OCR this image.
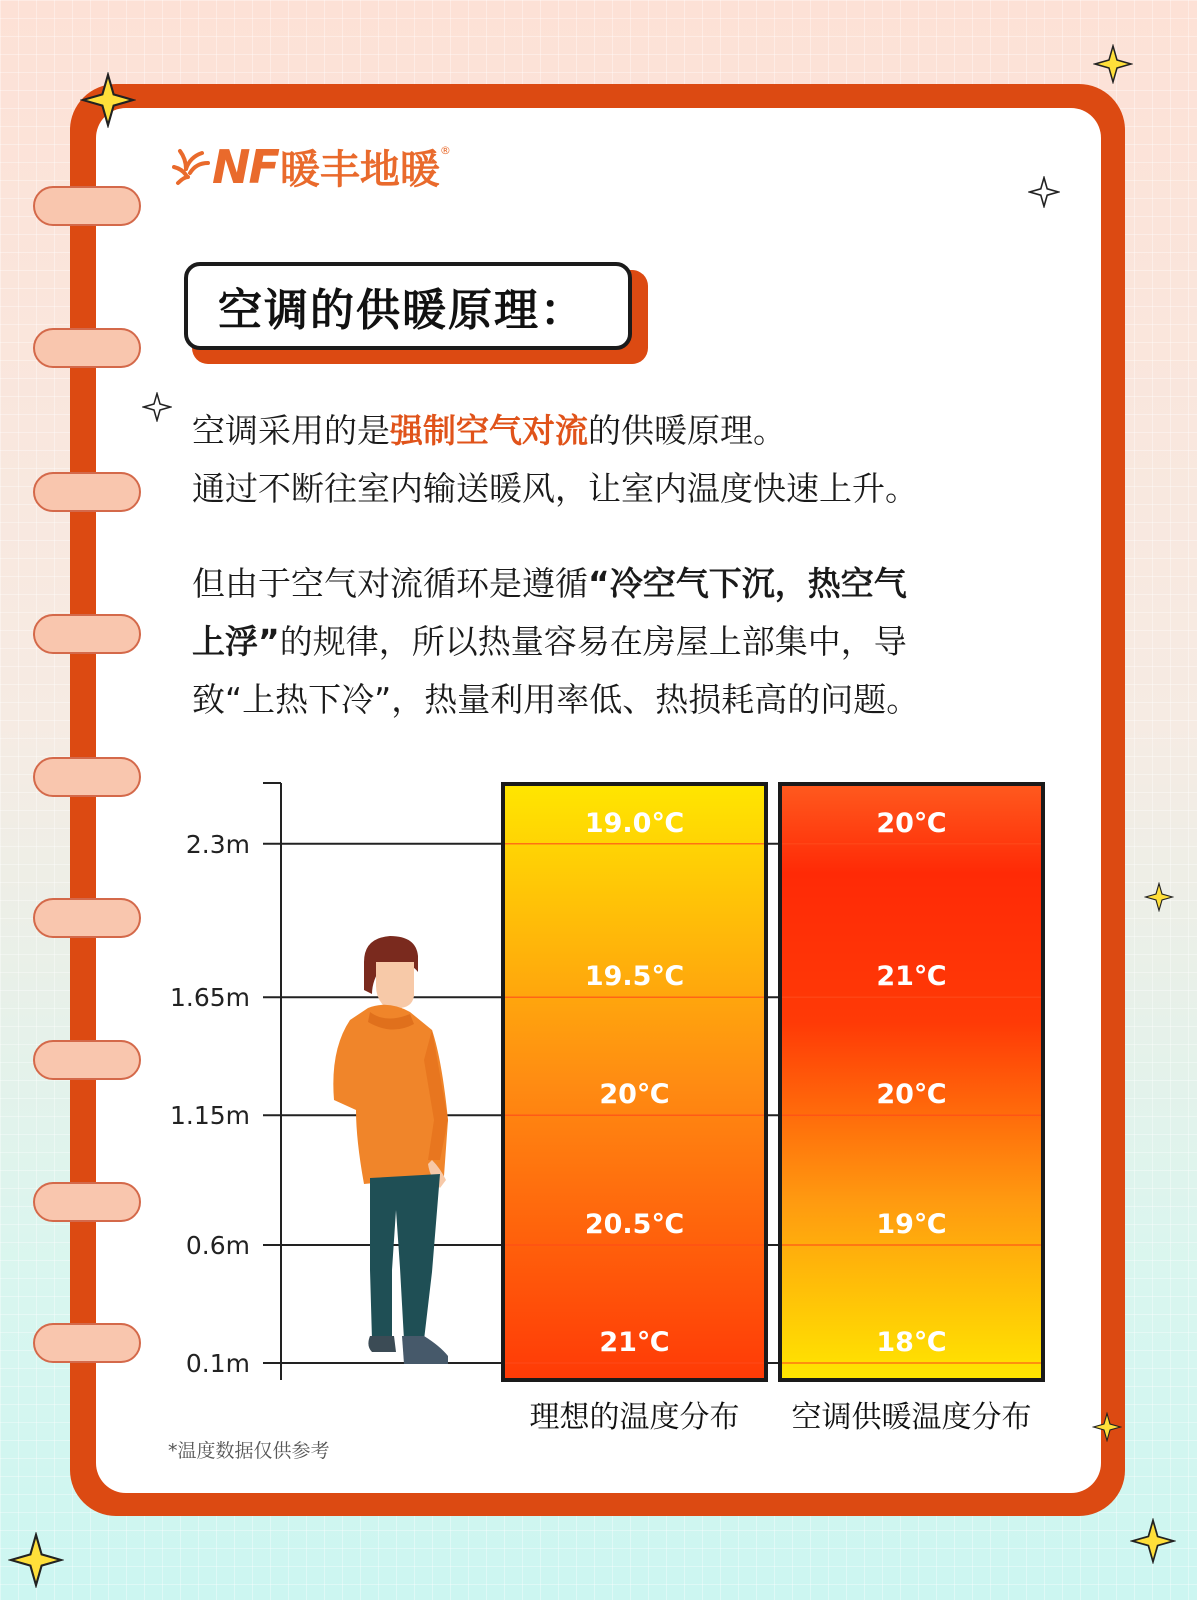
NF 暖丰地暖 ®
空调的供暖原理：
空调采用的是强制空气对流的供暖原理。
通过不断往室内输送暖风，让室内温度快速上升。
但由于空气对流循环是遵循“冷空气下沉，热空气
上浮”的规律，所以热量容易在房屋上部集中，导
致“上热下冷”，热量利用率低、热损耗高的问题。
2.3m
1.65m
1.15m
0.6m
0.1m
19.0℃
19.5℃
20℃
20.5℃
21℃
理想的温度分布
20℃
21℃
20℃
19℃
18℃
空调供暖温度分布
*温度数据仅供参考
